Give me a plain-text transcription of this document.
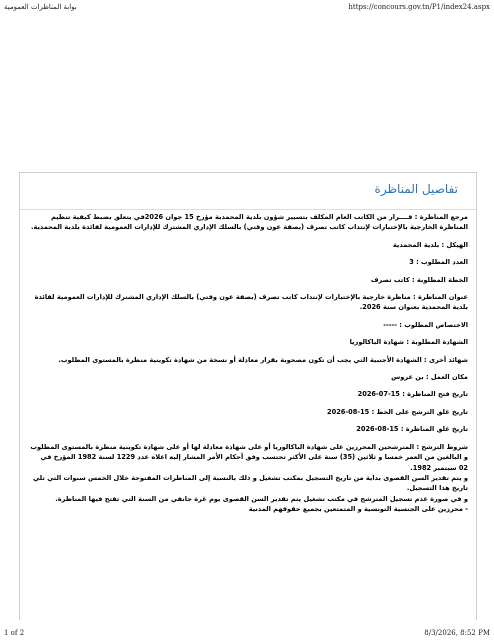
بوابة المناظرات العمومية	https://concours.gov.tn/P1/index24.aspx
تفاصيل المناظرة

مرجع المناظرة : قــــرار من الكاتب العام المكلف بتسيير شؤون بلدية المحمدية مؤرخ 15 جوان 2026في يتعلق بضبط كيفية تنظيم المناظرة الخارجية بالإختبارات لإنتداب كاتب تصرف (بصفة عون وقتي) بالسلك الإداري المشترك للإدارات العمومية لفائدة بلدية المحمدية.

الهيكل : بلدية المحمدية

العدد المطلوب : 3

الخطة المطلوبة : كاتب تصرف

عنوان المناظرة : مناظرة خارجية بالإختبارات لإنتداب كاتب تصرف (بصفة عون وقتي) بالسلك الإداري المشترك للإدارات العمومية لفائدة بلدية المحمدية بعنوان سنة 2026.

الاختصاص المطلوب : -----

الشهادة المطلوبة : شهادة الباكالوريا

شهائد أخرى : الشهادة الأجنبية التي يجب أن تكون مصحوبة بقرار معادلة أو نسخة من شهادة تكوينية منظرة بالمستوى المطلوب.

مكان العمل : بن عروس

تاريخ فتح المناظرة : 15-07-2026

تاريخ غلق الترشح على الخط : 15-08-2026

تاريخ غلق المناظرة : 15-08-2026

شروط الترشح : المترشحين المحرزين على شهادة الباكالوريا أو على شهادة معادلة لها أو على شهادة تكوينية منظرة بالمستوى المطلوب و البالغين من العمر خمسا و ثلاثين (35) سنة على الأكثر تحتسب وفق أحكام الأمر المشار إليه اعلاه عدد 1229 لسنة 1982 المؤرخ في 02 سبتمبر 1982.

و يتم تقدير السن القصوى بداية من تاريخ التسجيل بمكتب تشغيل و ذلك بالنسبة إلى المناظرات المفتوحة خلال الخمس سنوات التي تلي تاريخ هذا التسجيل.

و في صورة عدم تسجيل المترشح في مكتب تشغيل يتم تقدير السن القصوى يوم غرة جانفي من السنة التي تفتح فيها المناظرة.

- محرزين على الجنسية التونسية و المتمتعين بجميع حقوقهم المدنية

1 of 2	8/3/2026, 8:52 PM
